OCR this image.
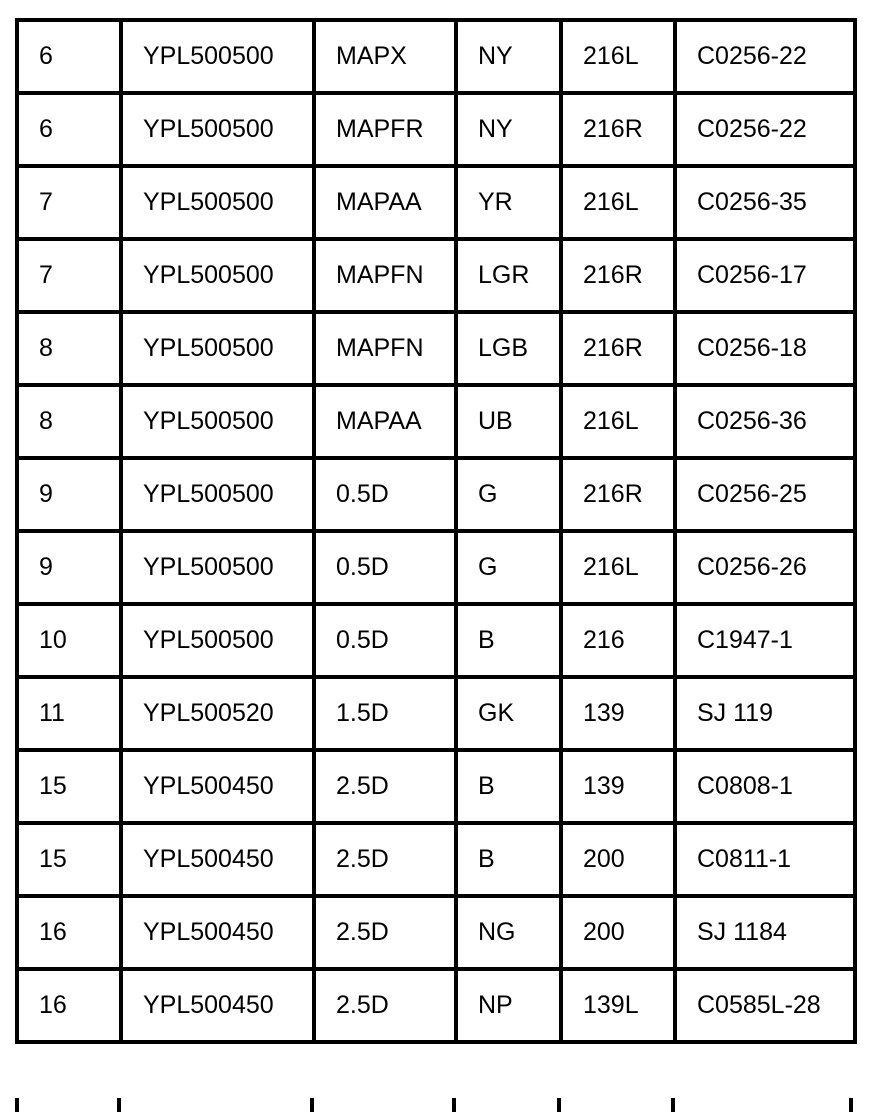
6	YPL500500	MAPX	NY	216L	C0256-22
6	YPL500500	MAPFR	NY	216R	C0256-22
7	YPL500500	MAPAA	YR	216L	C0256-35
7	YPL500500	MAPFN	LGR	216R	C0256-17
8	YPL500500	MAPFN	LGB	216R	C0256-18
8	YPL500500	MAPAA	UB	216L	C0256-36
9	YPL500500	0.5D	G	216R	C0256-25
9	YPL500500	0.5D	G	216L	C0256-26
10	YPL500500	0.5D	B	216	C1947-1
11	YPL500520	1.5D	GK	139	SJ 119
15	YPL500450	2.5D	B	139	C0808-1
15	YPL500450	2.5D	B	200	C0811-1
16	YPL500450	2.5D	NG	200	SJ 1184
16	YPL500450	2.5D	NP	139L	C0585L-28
